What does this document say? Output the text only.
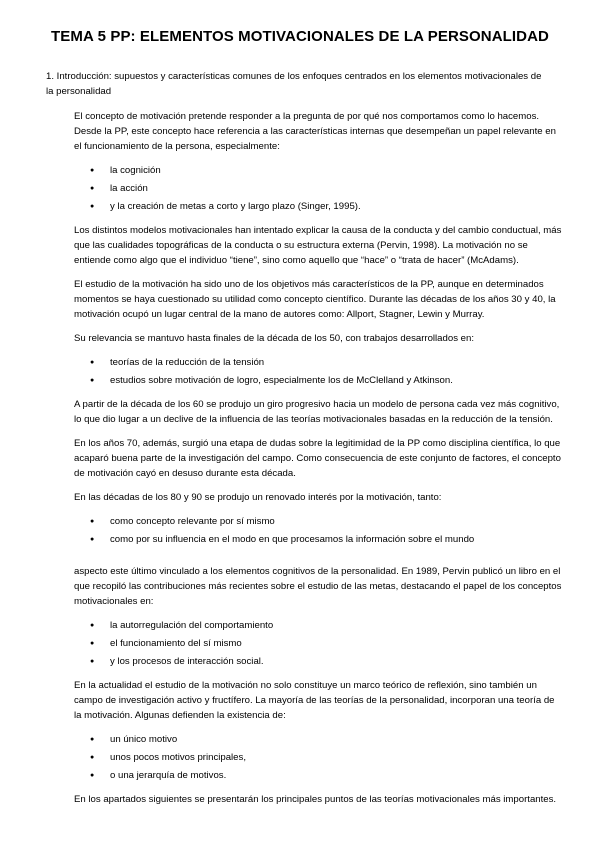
TEMA 5 PP: ELEMENTOS MOTIVACIONALES DE LA PERSONALIDAD
1. Introducción: supuestos y características comunes de los enfoques centrados en los elementos motivacionales de la personalidad

El concepto de motivación pretende responder a la pregunta de por qué nos comportamos como lo hacemos. Desde la PP, este concepto hace referencia a las características internas que desempeñan un papel relevante en el funcionamiento de la persona, especialmente:

● la cognición
● la acción
● y la creación de metas a corto y largo plazo (Singer, 1995).

Los distintos modelos motivacionales han intentado explicar la causa de la conducta y del cambio conductual, más que las cualidades topográficas de la conducta o su estructura externa (Pervin, 1998). La motivación no se entiende como algo que el individuo “tiene”, sino como aquello que “hace” o “trata de hacer” (McAdams).

El estudio de la motivación ha sido uno de los objetivos más característicos de la PP, aunque en determinados momentos se haya cuestionado su utilidad como concepto científico. Durante las décadas de los años 30 y 40, la motivación ocupó un lugar central de la mano de autores como: Allport, Stagner, Lewin y Murray.

Su relevancia se mantuvo hasta finales de la década de los 50, con trabajos desarrollados en:

● teorías de la reducción de la tensión
● estudios sobre motivación de logro, especialmente los de McClelland y Atkinson.

A partir de la década de los 60 se produjo un giro progresivo hacia un modelo de persona cada vez más cognitivo, lo que dio lugar a un declive de la influencia de las teorías motivacionales basadas en la reducción de la tensión.

En los años 70, además, surgió una etapa de dudas sobre la legitimidad de la PP como disciplina científica, lo que acaparó buena parte de la investigación del campo. Como consecuencia de este conjunto de factores, el concepto de motivación cayó en desuso durante esta década.

En las décadas de los 80 y 90 se produjo un renovado interés por la motivación, tanto:

● como concepto relevante por sí mismo
● como por su influencia en el modo en que procesamos la información sobre el mundo

aspecto este último vinculado a los elementos cognitivos de la personalidad. En 1989, Pervin publicó un libro en el que recopiló las contribuciones más recientes sobre el estudio de las metas, destacando el papel de los conceptos motivacionales en:

● la autorregulación del comportamiento
● el funcionamiento del sí mismo
● y los procesos de interacción social.

En la actualidad el estudio de la motivación no solo constituye un marco teórico de reflexión, sino también un campo de investigación activo y fructífero. La mayoría de las teorías de la personalidad, incorporan una teoría de la motivación. Algunas defienden la existencia de:

● un único motivo
● unos pocos motivos principales,
● o una jerarquía de motivos.

En los apartados siguientes se presentarán los principales puntos de las teorías motivacionales más importantes.
